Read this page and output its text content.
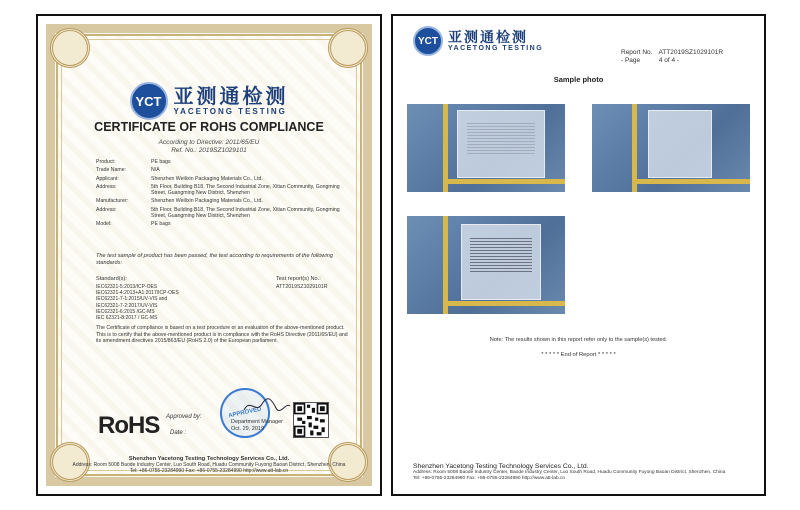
YCT 亚测通检测
YACETONG TESTING
CERTIFICATE OF ROHS COMPLIANCE
According to Directive: 2011/65/EU
Ref. No.: 2019SZ1029101
Product:	PE bags
Trade Name:	N/A
Applicant:	Shenzhen Weilixin Packaging Materials Co., Ltd.
Address:	5th Floor, Building B18, The Second Industrial Zone, Xitian Community, Gongming Street, Guangming New District, Shenzhen
Manufacturer:	Shenzhen Weilixin Packaging Materials Co., Ltd.
Address:	5th Floor, Building B18, The Second Industrial Zone, Xitian Community, Gongming Street, Guangming New District, Shenzhen
Model:	PE bags
The test sample of product has been passed, the test according to requirements of the following standards:
Standard(s):
IEC62321-5:2013/ICP-OES
IEC62321-4:2013+A1:2017/ICP-OES
IEC62321-7-1:2015/UV-VIS and
IEC62321-7-2:2017/UV-VIS
IEC62321-6:2015 /GC-MS
IEC 62321-8:2017 / GC-MS
Test report(s) No.:
ATT2019SZ1029101R
The Certificate of compliance is based on a test procedure or an evaluation of the above-mentioned product. This is to certify that the above-mentioned product is in compliance with the RoHS Directive (2011/65/EU) and its amendment directives 2015/863/EU (RoHS 2.0) of the European parliament.
RoHS Approved by:
Date :
APPROVED
Department Manager
Oct. 29, 2019
Shenzhen Yacetong Testing Technology Services Co., Ltd.
Address: Room 5008 Baode Industry Center, Luo South Road, Huadu Community Fuyong Baoan District, Shenzhen, China
Tel: +86-0755-23284990 Fax: +86-0755-23284990 http://www.att-lab.cn
YCT 亚测通检测
YACETONG TESTING
Report No. ATT2019SZ1029101R
- Page	4 of 4 -
Sample photo
Note: The results shown in this report refer only to the sample(s) tested.
* * * * * End of Report * * * * *
Shenzhen Yacetong Testing Technology Services Co., Ltd.
Address: Room 5008 Baode Industry Center, Baode Industry Center, Luo South Road, Huadu Community Fuyong Baoan District, Shenzhen, China
Tel: +86-0755-23284990 Fax: +86-0755-23284990 http://www.att-lab.cn
